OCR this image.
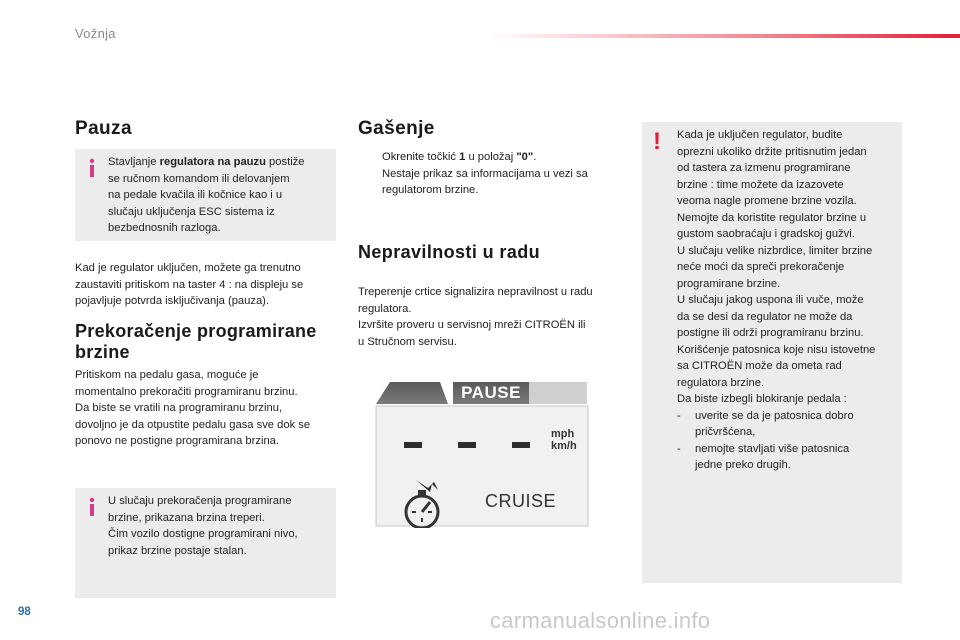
Vožnja
Pauza
Stavljanje regulatora na pauzu postiže
se ručnom komandom ili delovanjem
na pedale kvačila ili kočnice kao i u
slučaju uključenja ESC sistema iz
bezbednosnih razloga.
Kad je regulator uključen, možete ga trenutno
zaustaviti pritiskom na taster 4 : na displeju se
pojavljuje potvrda isključivanja (pauza).
Prekoračenje programirane
brzine
Pritiskom na pedalu gasa, moguće je
momentalno prekoračiti programiranu brzinu.
Da biste se vratili na programiranu brzinu,
dovoljno je da otpustite pedalu gasa sve dok se
ponovo ne postigne programirana brzina.
U slučaju prekoračenja programirane
brzine, prikazana brzina treperi.
Čim vozilo dostigne programirani nivo,
prikaz brzine postaje stalan.
Gašenje
Okrenite točkić 1 u položaj "0".
Nestaje prikaz sa informacijama u vezi sa
regulatorom brzine.
Nepravilnosti u radu
Treperenje crtice signalizira nepravilnost u radu
regulatora.
Izvršite proveru u servisnoj mreži CITROËN ili
u Stručnom servisu.
PAUSE
mph
km/h
CRUISE
! Kada je uključen regulator, budite
oprezni ukoliko držite pritisnutim jedan
od tastera za izmenu programirane
brzine : time možete da izazovete
veoma nagle promene brzine vozila.
Nemojte da koristite regulator brzine u
gustom saobraćaju i gradskoj gužvi.
U slučaju velike nizbrdice, limiter brzine
neće moći da spreči prekoračenje
programirane brzine.
U slučaju jakog uspona ili vuče, može
da se desi da regulator ne može da
postigne ili održi programiranu brzinu.
Korišćenje patosnica koje nisu istovetne
sa CITROËN može da ometa rad
regulatora brzine.
Da biste izbegli blokiranje pedala :

- uverite se da je patosnica dobro
pričvršćena,
- nemojte stavljati više patosnica
jedne preko drugih.
98	carmanualsonline.info
